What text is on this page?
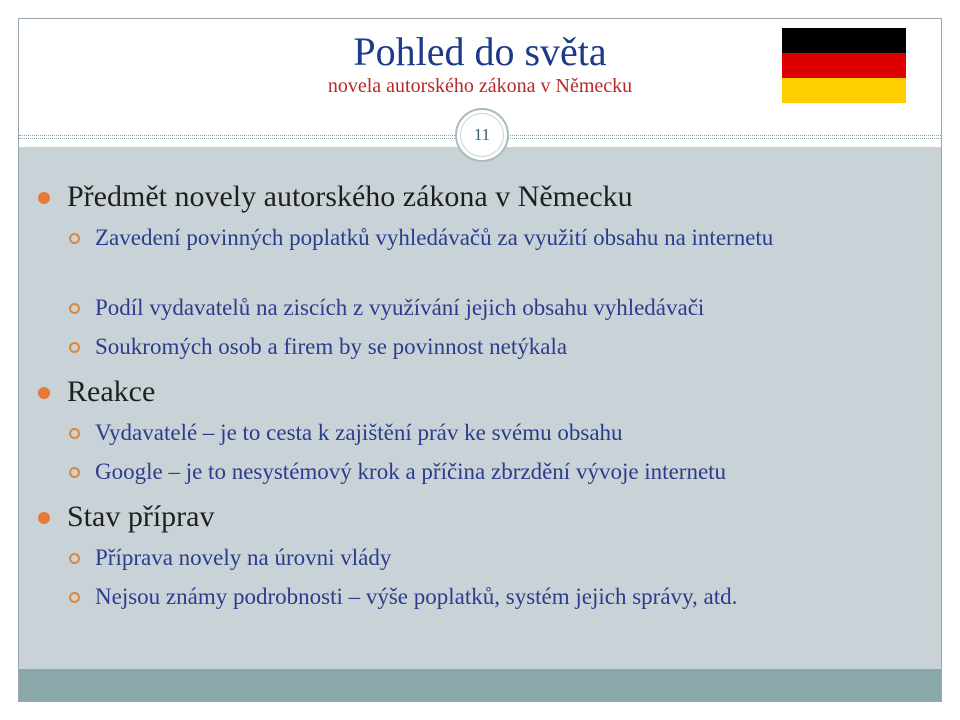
Pohled do světa
novela autorského zákona v Německu
11
Předmět novely autorského zákona v Německu
Zavedení povinných poplatků vyhledávačů za využití obsahu na internetu
Podíl vydavatelů na ziscích z využívání jejich obsahu vyhledávači
Soukromých osob a firem by se povinnost netýkala
Reakce
Vydavatelé – je to cesta k zajištění práv ke svému obsahu
Google – je to nesystémový krok a příčina zbrzdění vývoje internetu
Stav příprav
Příprava novely na úrovni vlády
Nejsou známy podrobnosti – výše poplatků, systém jejich správy, atd.
